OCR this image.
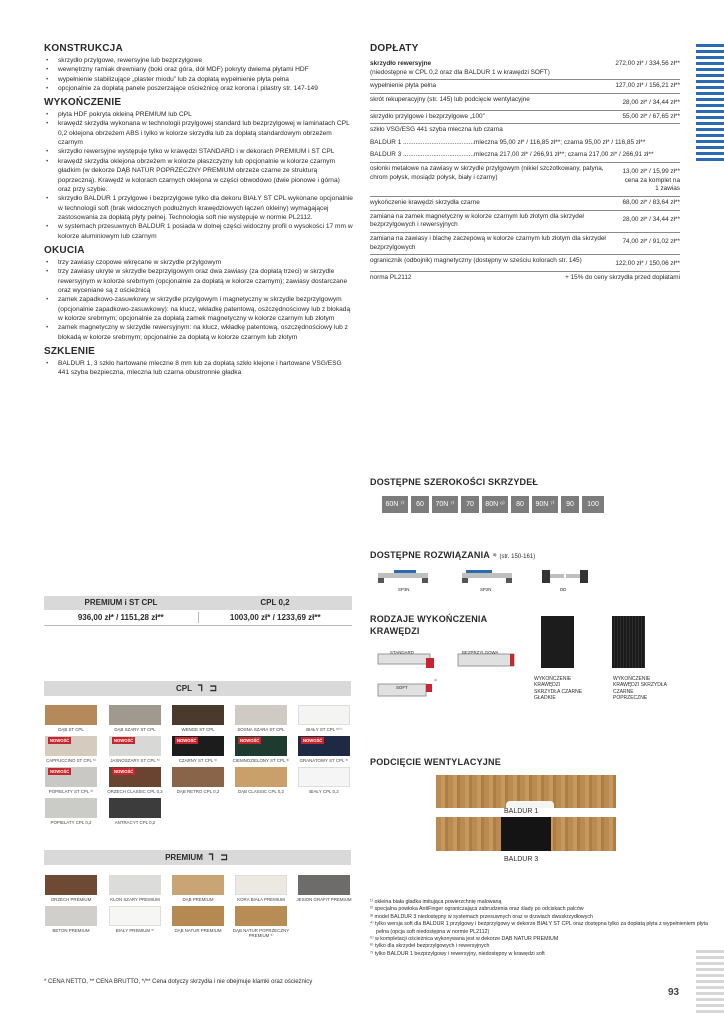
KONSTRUKCJA
• skrzydło przylgowe, rewersyjne lub bezprzylgowe
• wewnętrzny ramiak drewniany (boki oraz góra, dół MDF) pokryty dwiema płytami HDF
• wypełnienie stabilizujące „plaster miodu” lub za dopłatą wypełnienie płyta pełna
• opcjonalnie za dopłatą panele poszerzające ościeżnicę oraz korona i pilastry str. 147-149
WYKOŃCZENIE
• płyta HDF pokryta okleiną PREMIUM lub CPL
• krawędź skrzydła wykonana w technologii przylgowej standard lub bezprzylgowej w laminatach CPL 0,2 oklejona obrzeżem ABS i tylko w kolorze skrzydła lub za dopłatą standardowym obrzeżem czarnym
• skrzydło rewersyjne występuje tylko w krawędzi STANDARD i w dekorach PREMIUM i ST CPL
• krawędź skrzydła oklejona obrzeżem w kolorze płaszczyzny lub opcjonalnie w kolorze czarnym gładkim (w dekorze DĄB NATUR POPRZECZNY PREMIUM obrzeże czarne ze strukturą poprzeczną). Krawędź w kolorach czarnych oklejona w części obwodowo (dwie pionowe i górna) oraz przy szybie.
• skrzydło BALDUR 1 przylgowe i bezprzylgowe tylko dla dekoru BIAŁY ST CPL wykonane opcjonalnie w technologii soft (brak widocznych podłużnych krawędziowych łączeń okleiny) wymagającej zastosowania za dopłatą płyty pełnej. Technologia soft nie występuje w normie PL2112.
• w systemach przesuwnych BALDUR 1 posiada w dolnej części widoczny profil o wysokości 17 mm w kolorze aluminiowym lub czarnym
OKUCIA
• trzy zawiasy czopowe wkręcane w skrzydle przylgowym
• trzy zawiasy ukryte w skrzydle bezprzylgowym oraz dwa zawiasy (za dopłatą trzeci) w skrzydle rewersyjnym w kolorze srebrnym (opcjonalnie za dopłatą w kolorze czarnym); zawiasy dostarczane oraz wyceniane są z ościeżnicą
• zamek zapadkowo-zasuwkowy w skrzydle przylgowym i magnetyczny w skrzydle bezprzylgowym (opcjonalnie zapadkowo-zasuwkowy): na klucz, wkładkę patentową, oszczędnościowy lub z blokadą w kolorze srebrnym; opcjonalnie za dopłatą zamek magnetyczny w kolorze czarnym lub złotym
• zamek magnetyczny w skrzydle rewersyjnym: na klucz, wkładkę patentową, oszczędnościowy lub z blokadą w kolorze srebrnym; opcjonalnie za dopłatą w kolorze czarnym lub złotym
SZKLENIE
• BALDUR 1, 3 szkło hartowane mleczne 8 mm lub za dopłatą szkło klejone i hartowane VSG/ESG 441 szyba bezpieczna, mleczna lub czarna obustronnie gładka
PREMIUM i ST CPL	CPL 0,2
936,00 zł* / 1151,28 zł**	1003,00 zł* / 1233,69 zł**
CPL ⅂ ⊐
DĄB ST CPL	DĄB SZARY ST CPL	WENGE ST CPL	SOSNA SZARA ST CPL	BIAŁY ST CPL ⁵⁾⁷⁾
CAPPUCCINO ST CPL ⁵⁾
NOWOŚĆ
JASNOSZARY ST CPL ⁵⁾
NOWOŚĆ
CZARNY ST CPL ⁵⁾
NOWOŚĆ
CIEMNOZIELONY ST CPL ⁵⁾
NOWOŚĆ
GRANATOWY ST CPL ⁵⁾
NOWOŚĆ
POPIELATY ST CPL ⁵⁾
NOWOŚĆ
ORZECH CLASSIC CPL 0,2
NOWOŚĆ
DĄB RETRO CPL 0,2	DĄB CLASSIC CPL 0,2	BIAŁY CPL 0,2
POPIELATY CPL 0,2	ANTRACYT CPL 0,2
PREMIUM ⅂ ⊐
ORZECH PREMIUM	KLON SZARY PREMIUM	DĄB PREMIUM	KORA BIAŁA PREMIUM	JESION GRAFIT PREMIUM
BETON PREMIUM	BIAŁY PREMIUM ⁵⁾	DĄB NATUR PREMIUM	DĄB NATUR POPRZECZNY PREMIUM ⁵⁾
* CENA NETTO, ** CENA BRUTTO, */** Cena dotyczy skrzydła i nie obejmuje klamki oraz ościeżnicy
DOPŁATY
skrzydło rewersyjne
(niedostępne w CPL 0,2 oraz dla BALDUR 1 w krawędzi SOFT)
272,00 zł* / 334,56 zł**
wypełnienie płyta pełna	127,00 zł* / 156,21 zł**
skrót rekuperacyjny (str. 145) lub podcięcie wentylacyjne	28,00 zł* / 34,44 zł**
skrzydło przylgowe i bezprzylgowe „100”	55,00 zł* / 67,65 zł**
szkło VSG/ESG 441 szyba mleczna lub czarna
BALDUR 1 ........................................mleczna 95,00 zł* / 116,85 zł**; czarna 95,00 zł* / 116,85 zł**
BALDUR 3 ........................................mleczna 217,00 zł* / 266,91 zł**; czarna 217,00 zł* / 266,91 zł**
osłonki metalowe na zawiasy w skrzydle przylgowym (nikiel szczotkowany, patyna, chrom połysk, mosiądz połysk, biały i czarny)
13,00 zł* / 15,99 zł**
cena za komplet na
1 zawias
wykończenie krawędzi skrzydła czarne	68,00 zł* / 83,64 zł**
zamiana na zamek magnetyczny w kolorze czarnym lub złotym dla skrzydeł bezprzylgowych i rewersyjnych
28,00 zł* / 34,44 zł**
zamiana na zawiasy i blachę zaczepową w kolorze czarnym lub złotym dla skrzydeł bezprzylgowych
74,00 zł* / 91,02 zł**
ogranicznik (odbojnik) magnetyczny (dostępny w sześciu kolorach str. 145)	122,00 zł* / 150,06 zł**
norma PL2112	+ 15% do ceny skrzydła przed dopłatami
DOSTĘPNE SZEROKOŚCI SKRZYDEŁ
60N ⁷⁾	60	70N ⁷⁾	70	80N ⁶⁾	80	90N ⁷⁾	90	100
DOSTĘPNE ROZWIĄZANIA ³⁾ (str. 150-161)
SP3N	SP2N	DD
RODZAJE WYKOŃCZENIA KRAWĘDZI
STANDARD	BEZPRZYLGOWA
SOFT
⁴⁾	WYKOŃCZENIE KRAWĘDZI SKRZYDŁA CZARNE GŁADKIE
WYKOŃCZENIE KRAWĘDZI SKRZYDŁA CZARNE POPRZECZNE
PODCIĘCIE WENTYLACYJNE
BALDUR 1
BALDUR 3
¹⁾ okleina biała gładka imitująca powierzchnię malowaną
²⁾ specjalna powłoka AntiFinger ograniczająca zabrudzenia oraz ślady po odciskach palców
³⁾ model BALDUR 3 niedostępny w systemach przesuwnych oraz w drzwiach dwuskrzydłowych
⁴⁾ tylko wersja soft dla BALDUR 1 przylgowy i bezprzylgowy w dekorze BIAŁY ST CPL oraz dostępna tylko za dopłatą płyta z wypełnieniem płyta pełna (opcja soft niedostępna w normie PL2112)
⁵⁾ w kompletacji ościeżnica wykonywana jest w dekorze DĄB NATUR PREMIUM
⁶⁾ tylko dla skrzydeł bezprzylgowych i rewersyjnych
⁷⁾ tylko BALDUR 1 bezprzylgowy i rewersyjny, niedostępny w krawędzi soft
93
